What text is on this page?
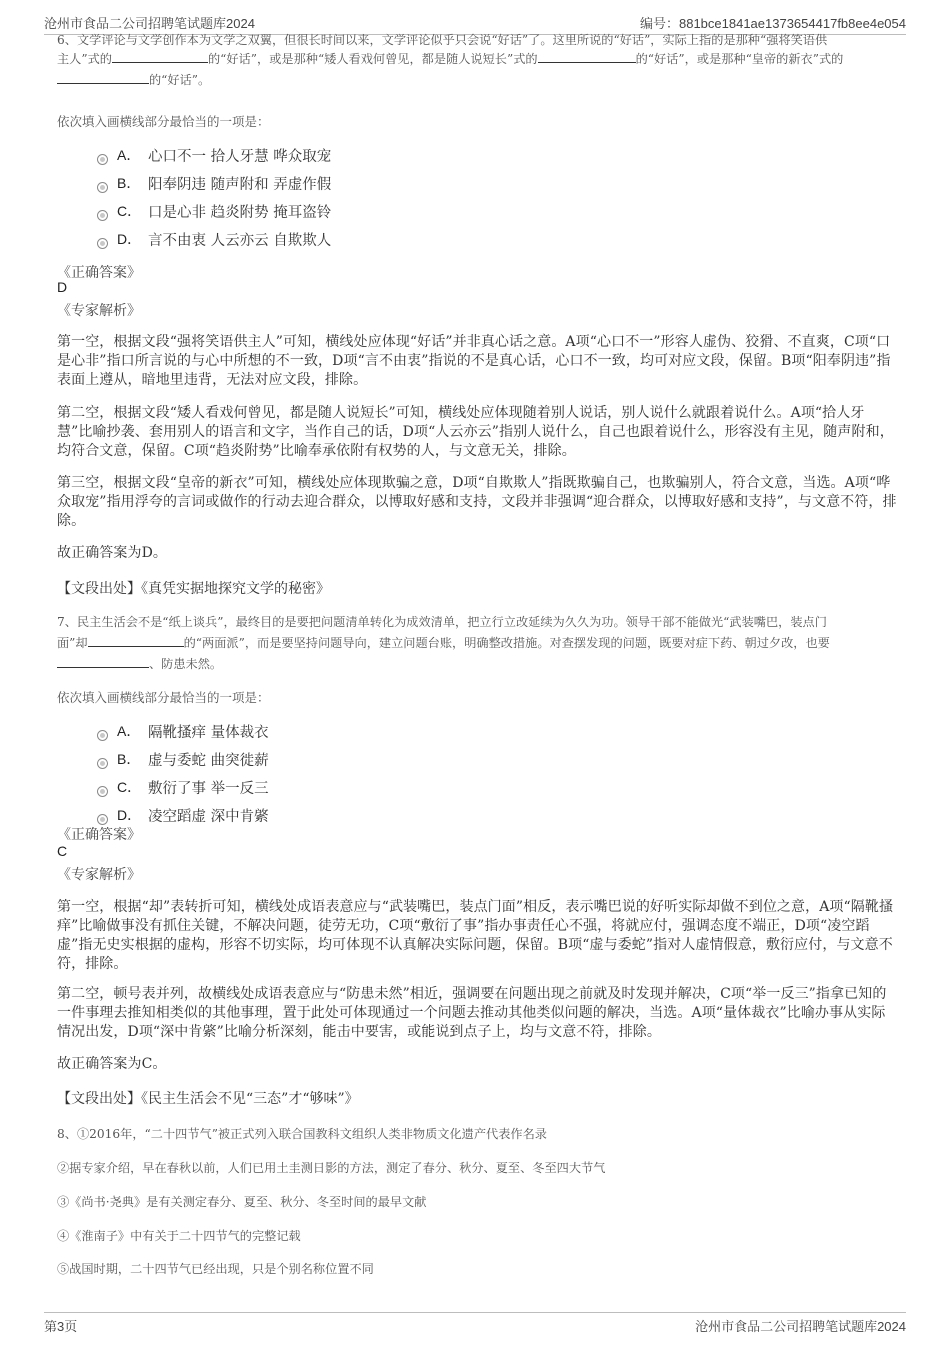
沧州市食品二公司招聘笔试题库2024	编号：881bce1841ae1373654417fb8ee4e054
6、文学评论与文学创作本为文学之双翼，但很长时间以来，文学评论似乎只会说“好话”了。这里所说的“好话”，实际上指的是那种“强将笑语供
主人”式的	的“好话”，或是那种“矮人看戏何曾见，都是随人说短长”式的	的“好话”，或是那种“皇帝的新衣”式的
的“好话”。
依次填入画横线部分最恰当的一项是：
A． 心口不一 拾人牙慧 哗众取宠
B． 阳奉阴违 随声附和 弄虚作假
C． 口是心非 趋炎附势 掩耳盗铃
D． 言不由衷 人云亦云 自欺欺人
《正确答案》
D
《专家解析》
第一空，根据文段“强将笑语供主人”可知，横线处应体现“好话”并非真心话之意。A项“心口不一”形容人虚伪、狡猾、不直爽，C项“口是心非”指口所言说的与心中所想的不一致，D项“言不由衷”指说的不是真心话，心口不一致，均可对应文段，保留。B项“阳奉阴违”指表面上遵从，暗地里违背，无法对应文段，排除。
第二空，根据文段“矮人看戏何曾见，都是随人说短长”可知，横线处应体现随着别人说话，别人说什么就跟着说什么。A项“拾人牙慧”比喻抄袭、套用别人的语言和文字，当作自己的话，D项“人云亦云”指别人说什么，自己也跟着说什么，形容没有主见，随声附和，均符合文意，保留。C项“趋炎附势”比喻奉承依附有权势的人，与文意无关，排除。
第三空，根据文段“皇帝的新衣”可知，横线处应体现欺骗之意，D项“自欺欺人”指既欺骗自己，也欺骗别人，符合文意，当选。A项“哗众取宠”指用浮夸的言词或做作的行动去迎合群众，以博取好感和支持，文段并非强调“迎合群众，以博取好感和支持”，与文意不符，排除。
故正确答案为D。
【文段出处】《真凭实据地探究文学的秘密》
7、民主生活会不是“纸上谈兵”，最终目的是要把问题清单转化为成效清单，把立行立改延续为久久为功。领导干部不能做光“武装嘴巴，装点门
面”却	的“两面派”，而是要坚持问题导向，建立问题台账，明确整改措施。对查摆发现的问题，既要对症下药、朝过夕改，也要
、防患未然。
依次填入画横线部分最恰当的一项是：
A． 隔靴搔痒 量体裁衣
B． 虚与委蛇 曲突徙薪
C． 敷衍了事 举一反三
D． 凌空蹈虚 深中肯綮
《正确答案》
C
《专家解析》
第一空，根据“却”表转折可知，横线处成语表意应与“武装嘴巴，装点门面”相反，表示嘴巴说的好听实际却做不到位之意，A项“隔靴搔痒”比喻做事没有抓住关键，不解决问题，徒劳无功，C项“敷衍了事”指办事责任心不强，将就应付，强调态度不端正，D项“凌空蹈虚”指无史实根据的虚构，形容不切实际，均可体现不认真解决实际问题，保留。B项“虚与委蛇”指对人虚情假意，敷衍应付，与文意不符，排除。
第二空，顿号表并列，故横线处成语表意应与“防患未然”相近，强调要在问题出现之前就及时发现并解决，C项“举一反三”指拿已知的一件事理去推知相类似的其他事理，置于此处可体现通过一个问题去推动其他类似问题的解决，当选。A项“量体裁衣”比喻办事从实际情况出发，D项“深中肯綮”比喻分析深刻，能击中要害，或能说到点子上，均与文意不符，排除。
故正确答案为C。
【文段出处】《民主生活会不见“三态”才“够味”》
8、①2016年，“二十四节气”被正式列入联合国教科文组织人类非物质文化遗产代表作名录
②据专家介绍，早在春秋以前，人们已用土圭测日影的方法，测定了春分、秋分、夏至、冬至四大节气
③《尚书·尧典》是有关测定春分、夏至、秋分、冬至时间的最早文献
④《淮南子》中有关于二十四节气的完整记载
⑤战国时期，二十四节气已经出现，只是个别名称位置不同
第3页	沧州市食品二公司招聘笔试题库2024
